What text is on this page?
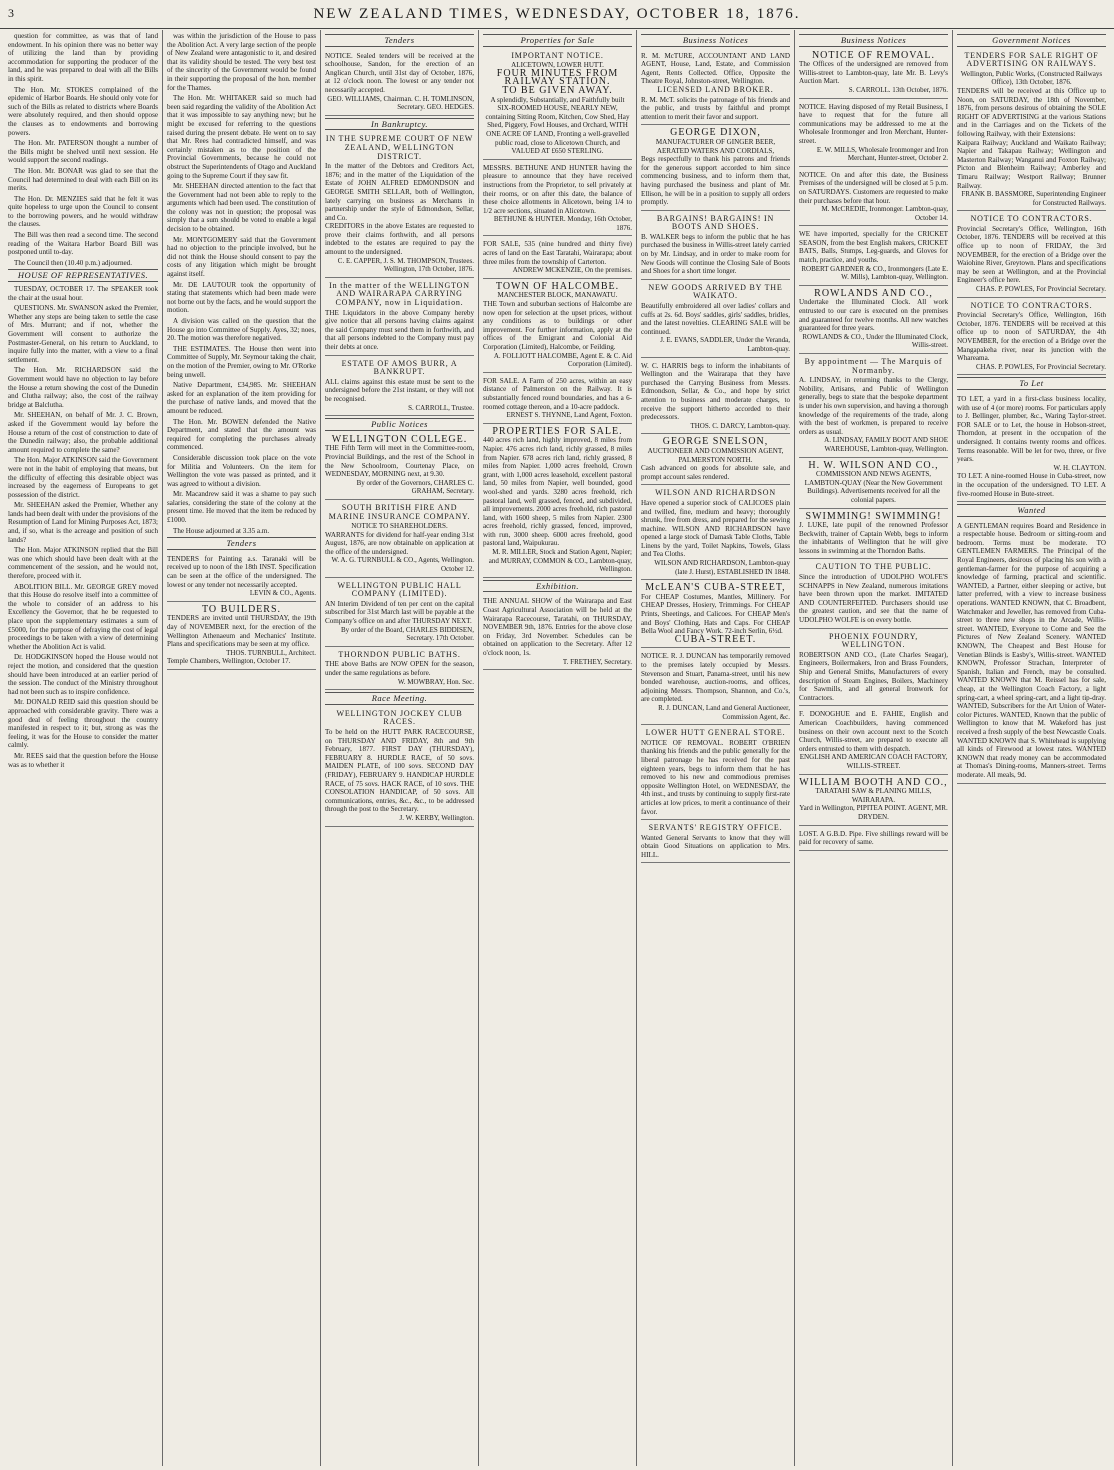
3	NEW ZEALAND TIMES, WEDNESDAY, OCTOBER 18, 1876.

question for committee, as was that of land endowment. In his opinion there was no better way of utilizing the land than by providing accommodation for supporting the producer of the land, and he was prepared to deal with all the Bills in this spirit.

The Hon. Mr. STOKES complained of the epidemic of Harbor Boards. He should only vote for such of the Bills as related to districts where Boards were absolutely required, and then should oppose the clauses as to endowments and borrowing powers.

The Hon. Mr. PATERSON thought a number of the Bills might be shelved until next session. He would support the second readings.

The Hon. Mr. BONAR was glad to see that the Council had determined to deal with each Bill on its merits.

The Hon. Dr. MENZIES said that he felt it was quite hopeless to urge upon the Council to consent to the borrowing powers, and he would withdraw the clauses.

The Bill was then read a second time. The second reading of the Waitara Harbor Board Bill was postponed until to-day.

The Council then (10.40 p.m.) adjourned.

HOUSE OF REPRESENTATIVES.

TUESDAY, OCTOBER 17. The SPEAKER took the chair at the usual hour.

QUESTIONS. Mr. SWANSON asked the Premier, Whether any steps are being taken to settle the case of Mrs. Murrant; and if not, whether the Government will consent to authorize the Postmaster-General, on his return to Auckland, to inquire fully into the matter, with a view to a final settlement.

The Hon. Mr. RICHARDSON said the Government would have no objection to lay before the House a return showing the cost of the Dunedin and Clutha railway; also, the cost of the railway bridge at Balclutha.

Mr. SHEEHAN, on behalf of Mr. J. C. Brown, asked if the Government would lay before the House a return of the cost of construction to date of the Dunedin railway; also, the probable additional amount required to complete the same?

The Hon. Major ATKINSON said the Government were not in the habit of employing that means, but the difficulty of effecting this desirable object was increased by the eagerness of Europeans to get possession of the district.

Mr. SHEEHAN asked the Premier, Whether any lands had been dealt with under the provisions of the Resumption of Land for Mining Purposes Act, 1873; and, if so, what is the acreage and position of such lands?

The Hon. Major ATKINSON replied that the Bill was one which should have been dealt with at the commencement of the session, and he would not, therefore, proceed with it.

ABOLITION BILL. Mr. GEORGE GREY moved that this House do resolve itself into a committee of the whole to consider of an address to his Excellency the Governor, that he be requested to place upon the supplementary estimates a sum of £5000, for the purpose of defraying the cost of legal proceedings to be taken with a view of determining whether the Abolition Act is valid.

Dr. HODGKINSON hoped the House would not reject the motion, and considered that the question should have been introduced at an earlier period of the session. The conduct of the Ministry throughout had not been such as to inspire confidence.

Mr. DONALD REID said this question should be approached with considerable gravity. There was a good deal of feeling throughout the country manifested in respect to it; but, strong as was the feeling, it was for the House to consider the matter calmly.

Mr. REES said that the question before the House was as to whether it

was within the jurisdiction of the House to pass the Abolition Act. A very large section of the people of New Zealand were antagonistic to it, and desired that its validity should be tested. The very best test of the sincerity of the Government would be found in their supporting the proposal of the hon. member for the Thames.

The Hon. Mr. WHITAKER said so much had been said regarding the validity of the Abolition Act that it was impossible to say anything new; but he might be excused for referring to the questions raised during the present debate. He went on to say that Mr. Rees had contradicted himself, and was certainly mistaken as to the position of the Provincial Governments, because he could not obstruct the Superintendents of Otago and Auckland going to the Supreme Court if they saw fit.

Mr. SHEEHAN directed attention to the fact that the Government had not been able to reply to the arguments which had been used. The constitution of the colony was not in question; the proposal was simply that a sum should be voted to enable a legal decision to be obtained.

Mr. MONTGOMERY said that the Government had no objection to the principle involved, but he did not think the House should consent to pay the costs of any litigation which might be brought against itself.

Mr. DE LAUTOUR took the opportunity of stating that statements which had been made were not borne out by the facts, and he would support the motion.

A division was called on the question that the House go into Committee of Supply. Ayes, 32; noes, 20. The motion was therefore negatived.

THE ESTIMATES. The House then went into Committee of Supply, Mr. Seymour taking the chair, on the motion of the Premier, owing to Mr. O'Rorke being unwell.

Native Department, £34,985. Mr. SHEEHAN asked for an explanation of the item providing for the purchase of native lands, and moved that the amount be reduced.

The Hon. Mr. BOWEN defended the Native Department, and stated that the amount was required for completing the purchases already commenced.

Considerable discussion took place on the vote for Militia and Volunteers. On the item for Wellington the vote was passed as printed, and it was agreed to without a division.

Mr. Macandrew said it was a shame to pay such salaries, considering the state of the colony at the present time. He moved that the item be reduced by £1000.

The House adjourned at 3.35 a.m.

Tenders
TENDERS for Painting a.s. Taranaki will be received up to noon of the 18th INST. Specification can be seen at the office of the undersigned. The lowest or any tender not necessarily accepted.
LEVIN & CO., Agents.
TO BUILDERS.
TENDERS are invited until THURSDAY, the 19th day of NOVEMBER next, for the erection of the Wellington Athenaeum and Mechanics' Institute. Plans and specifications may be seen at my office.
THOS. TURNBULL, Architect.
Temple Chambers, Wellington, October 17.
Tenders
NOTICE. Sealed tenders will be received at the schoolhouse, Sandon, for the erection of an Anglican Church, until 31st day of October, 1876, at 12 o'clock noon. The lowest or any tender not necessarily accepted.
GEO. WILLIAMS, Chairman. C. H. TOMLINSON, Secretary. GEO. HEDGES.
In Bankruptcy.
IN THE SUPREME COURT OF NEW ZEALAND, WELLINGTON DISTRICT.
In the matter of the Debtors and Creditors Act, 1876; and in the matter of the Liquidation of the Estate of JOHN ALFRED EDMONDSON and GEORGE SMITH SELLAR, both of Wellington, lately carrying on business as Merchants in partnership under the style of Edmondson, Sellar, and Co.
CREDITORS in the above Estates are requested to prove their claims forthwith, and all persons indebted to the estates are required to pay the amount to the undersigned.
C. E. CAPPER, J. S. M. THOMPSON, Trustees. Wellington, 17th October, 1876.
In the matter of the WELLINGTON AND WAIRARAPA CARRYING COMPANY, now in Liquidation.
THE Liquidators in the above Company hereby give notice that all persons having claims against the said Company must send them in forthwith, and that all persons indebted to the Company must pay their debts at once.
ESTATE OF AMOS BURR, A BANKRUPT.
ALL claims against this estate must be sent to the undersigned before the 21st instant, or they will not be recognised.
S. CARROLL, Trustee.
Public Notices
WELLINGTON COLLEGE.
THE Fifth Term will meet in the Committee-room, Provincial Buildings, and the rest of the School in the New Schoolroom, Courtenay Place, on WEDNESDAY, MORNING next, at 9.30.
By order of the Governors, CHARLES C. GRAHAM, Secretary.
SOUTH BRITISH FIRE AND MARINE INSURANCE COMPANY.
NOTICE TO SHAREHOLDERS.
WARRANTS for dividend for half-year ending 31st August, 1876, are now obtainable on application at the office of the undersigned.
W. A. G. TURNBULL & CO., Agents, Wellington. October 12.
WELLINGTON PUBLIC HALL COMPANY (LIMITED).
AN Interim Dividend of ten per cent on the capital subscribed for 31st March last will be payable at the Company's office on and after THURSDAY NEXT.
By order of the Board, CHARLES BIDDISEN, Secretary. 17th October.
THORNDON PUBLIC BATHS.
THE above Baths are NOW OPEN for the season, under the same regulations as before.
W. MOWBRAY, Hon. Sec.
Race Meeting.
WELLINGTON JOCKEY CLUB RACES.
To be held on the HUTT PARK RACECOURSE, on THURSDAY AND FRIDAY, 8th and 9th February, 1877. FIRST DAY (THURSDAY), FEBRUARY 8. HURDLE RACE, of 50 sovs. MAIDEN PLATE, of 100 sovs. SECOND DAY (FRIDAY), FEBRUARY 9. HANDICAP HURDLE RACE, of 75 sovs. HACK RACE, of 10 sovs. THE CONSOLATION HANDICAP, of 50 sovs. All communications, entries, &c., &c., to be addressed through the post to the Secretary.
J. W. KERBY, Wellington.
Properties for Sale
IMPORTANT NOTICE.
ALICETOWN, LOWER HUTT.
FOUR MINUTES FROM RAILWAY STATION.
TO BE GIVEN AWAY.
A splendidly, Substantially, and Faithfully built SIX-ROOMED HOUSE, NEARLY NEW, containing Sitting Room, Kitchen, Cow Shed, Hay Shed, Piggery, Fowl Houses, and Orchard, WITH ONE ACRE OF LAND, Fronting a well-gravelled public road, close to Alicetown Church, and VALUED AT £650 STERLING.
MESSRS. BETHUNE AND HUNTER having the pleasure to announce that they have received instructions from the Proprietor, to sell privately at their rooms, or on after this date, the balance of these choice allotments in Alicetown, being 1/4 to 1/2 acre sections, situated in Alicetown.
BETHUNE & HUNTER. Monday, 16th October, 1876.
FOR SALE, 535 (nine hundred and thirty five) acres of land on the East Taratahi, Wairarapa; about three miles from the township of Carterton.
ANDREW MCKENZIE, On the premises.
TOWN OF HALCOMBE.
MANCHESTER BLOCK, MANAWATU.
THE Town and suburban sections of Halcombe are now open for selection at the upset prices, without any conditions as to buildings or other improvement. For further information, apply at the offices of the Emigrant and Colonial Aid Corporation (Limited), Halcombe, or Feilding.
A. FOLLIOTT HALCOMBE, Agent E. & C. Aid Corporation (Limited).
FOR SALE. A Farm of 250 acres, within an easy distance of Palmerston on the Railway. It is substantially fenced round boundaries, and has a 6-roomed cottage thereon, and a 10-acre paddock.
ERNEST S. THYNNE, Land Agent, Foxton.
PROPERTIES FOR SALE.
440 acres rich land, highly improved, 8 miles from Napier. 476 acres rich land, richly grassed, 8 miles from Napier. 678 acres rich land, richly grassed, 8 miles from Napier. 1,000 acres freehold, Crown grant, with 1,000 acres leasehold, excellent pastoral land, 50 miles from Napier, well bounded, good wool-shed and yards. 3280 acres freehold, rich pastoral land, well grassed, fenced, and subdivided, all improvements. 2000 acres freehold, rich pastoral land, with 1600 sheep, 5 miles from Napier. 2300 acres freehold, richly grassed, fenced, improved, with run, 3000 sheep. 6000 acres freehold, good pastoral land, Waipukurau.
M. R. MILLER, Stock and Station Agent, Napier; and MURRAY, COMMON & CO., Lambton-quay, Wellington.
Exhibition.
THE ANNUAL SHOW of the Wairarapa and East Coast Agricultural Association will be held at the Wairarapa Racecourse, Taratahi, on THURSDAY, NOVEMBER 9th, 1876. Entries for the above close on Friday, 3rd November. Schedules can be obtained on application to the Secretary. After 12 o'clock noon, 1s.
T. FRETHEY, Secretary.
Business Notices
R. M. McTURE, ACCOUNTANT AND LAND AGENT, House, Land, Estate, and Commission Agent, Rents Collected. Office, Opposite the Theatre Royal, Johnston-street, Wellington.
LICENSED LAND BROKER.
R. M. McT. solicits the patronage of his friends and the public, and trusts by faithful and prompt attention to merit their favor and support.
GEORGE DIXON,
MANUFACTURER OF GINGER BEER, AERATED WATERS AND CORDIALS,
Begs respectfully to thank his patrons and friends for the generous support accorded to him since commencing business, and to inform them that, having purchased the business and plant of Mr. Ellison, he will be in a position to supply all orders promptly.
BARGAINS! BARGAINS! IN BOOTS AND SHOES.
B. WALKER begs to inform the public that he has purchased the business in Willis-street lately carried on by Mr. Lindsay, and in order to make room for New Goods will continue the Closing Sale of Boots and Shoes for a short time longer.
NEW GOODS ARRIVED BY THE WAIKATO.
Beautifully embroidered all over ladies' collars and cuffs at 2s. 6d. Boys' saddles, girls' saddles, bridles, and the latest novelties. CLEARING SALE will be continued.
J. E. EVANS, SADDLER, Under the Veranda, Lambton-quay.
W. C. HARRIS begs to inform the inhabitants of Wellington and the Wairarapa that they have purchased the Carrying Business from Messrs. Edmondson, Sellar, & Co., and hope by strict attention to business and moderate charges, to receive the support hitherto accorded to their predecessors.
THOS. C. DARCY, Lambton-quay.
GEORGE SNELSON,
AUCTIONEER AND COMMISSION AGENT, PALMERSTON NORTH.
Cash advanced on goods for absolute sale, and prompt account sales rendered.
WILSON AND RICHARDSON
Have opened a superior stock of CALICOES plain and twilled, fine, medium and heavy; thoroughly shrunk, free from dress, and prepared for the sewing machine. WILSON AND RICHARDSON have opened a large stock of Damask Table Cloths, Table Linens by the yard, Toilet Napkins, Towels, Glass and Tea Cloths.
WILSON AND RICHARDSON, Lambton-quay (late J. Hurst), ESTABLISHED IN 1848.
McLEAN'S CUBA-STREET,
For CHEAP Costumes, Mantles, Millinery. For CHEAP Dresses, Hosiery, Trimmings. For CHEAP Prints, Sheetings, and Calicoes. For CHEAP Men's and Boys' Clothing, Hats and Caps. For CHEAP Bella Wool and Fancy Work. 72-inch Serlin, 6½d.
CUBA-STREET.
NOTICE. R. J. DUNCAN has temporarily removed to the premises lately occupied by Messrs. Stevenson and Stuart, Panama-street, until his new bonded warehouse, auction-rooms, and offices, adjoining Messrs. Thompson, Shannon, and Co.'s, are completed.
R. J. DUNCAN, Land and General Auctioneer, Commission Agent, &c.
LOWER HUTT GENERAL STORE.
NOTICE OF REMOVAL. ROBERT O'BRIEN thanking his friends and the public generally for the liberal patronage he has received for the past eighteen years, begs to inform them that he has removed to his new and commodious premises opposite Wellington Hotel, on WEDNESDAY, the 4th inst., and trusts by continuing to supply first-rate articles at low prices, to merit a continuance of their favor.
SERVANTS' REGISTRY OFFICE.
Wanted General Servants to know that they will obtain Good Situations on application to Mrs. HILL.
Business Notices
NOTICE OF REMOVAL.
The Offices of the undersigned are removed from Willis-street to Lambton-quay, late Mr. B. Levy's Auction Mart.
S. CARROLL. 13th October, 1876.
NOTICE. Having disposed of my Retail Business, I have to request that for the future all communications may be addressed to me at the Wholesale Ironmonger and Iron Merchant, Hunter-street.
E. W. MILLS, Wholesale Ironmonger and Iron Merchant, Hunter-street, October 2.
NOTICE. On and after this date, the Business Premises of the undersigned will be closed at 5 p.m. on SATURDAYS. Customers are requested to make their purchases before that hour.
M. McCREDIE, Ironmonger. Lambton-quay, October 14.
WE have imported, specially for the CRICKET SEASON, from the best English makers, CRICKET BATS, Balls, Stumps, Leg-guards, and Gloves for match, practice, and youths.
ROBERT GARDNER & CO., Ironmongers (Late E. W. Mills), Lambton-quay, Wellington.
ROWLANDS AND CO.,
Undertake the Illuminated Clock. All work entrusted to our care is executed on the premises and guaranteed for twelve months. All new watches guaranteed for three years.
ROWLANDS & CO., Under the Illuminated Clock, Willis-street.
By appointment — The Marquis of Normanby.
A. LINDSAY, in returning thanks to the Clergy, Nobility, Artisans, and Public of Wellington generally, begs to state that the bespoke department is under his own supervision, and having a thorough knowledge of the requirements of the trade, along with the best of workmen, is prepared to receive orders as usual.
A. LINDSAY, FAMILY BOOT AND SHOE WAREHOUSE, Lambton-quay, Wellington.
H. W. WILSON AND CO.,
COMMISSION AND NEWS AGENTS, LAMBTON-QUAY (Near the New Government Buildings). Advertisements received for all the colonial papers.
SWIMMING! SWIMMING!
J. LUKE, late pupil of the renowned Professor Beckwith, trainer of Captain Webb, begs to inform the inhabitants of Wellington that he will give lessons in swimming at the Thorndon Baths.
CAUTION TO THE PUBLIC.
Since the introduction of UDOLPHO WOLFE'S SCHNAPPS in New Zealand, numerous imitations have been thrown upon the market. IMITATED AND COUNTERFEITED. Purchasers should use the greatest caution, and see that the name of UDOLPHO WOLFE is on every bottle.
PHOENIX FOUNDRY, WELLINGTON.
ROBERTSON AND CO., (Late Charles Seagar), Engineers, Boilermakers, Iron and Brass Founders, Ship and General Smiths, Manufacturers of every description of Steam Engines, Boilers, Machinery for Sawmills, and all general Ironwork for Contractors.
F. DONOGHUE and E. FAHIE, English and American Coachbuilders, having commenced business on their own account next to the Scotch Church, Willis-street, are prepared to execute all orders entrusted to them with despatch.
ENGLISH AND AMERICAN COACH FACTORY, WILLIS-STREET.
WILLIAM BOOTH AND CO.,
TARATAHI SAW & PLANING MILLS, WAIRARAPA.
Yard in Wellington, PIPITEA POINT. AGENT, MR. DRYDEN.
LOST. A G.B.D. Pipe. Five shillings reward will be paid for recovery of same.
Government Notices
TENDERS FOR SALE RIGHT OF ADVERTISING ON RAILWAYS.
Wellington, Public Works, (Constructed Railways Office), 13th October, 1876.
TENDERS will be received at this Office up to Noon, on SATURDAY, the 18th of November, 1876, from persons desirous of obtaining the SOLE RIGHT OF ADVERTISING at the various Stations and in the Carriages and on the Tickets of the following Railway, with their Extensions:
Kaipara Railway; Auckland and Waikato Railway; Napier and Takapau Railway; Wellington and Masterton Railway; Wanganui and Foxton Railway; Picton and Blenheim Railway; Amberley and Timaru Railway; Westport Railway; Brunner Railway.
FRANK B. BASSMORE, Superintending Engineer for Constructed Railways.
NOTICE TO CONTRACTORS.
Provincial Secretary's Office, Wellington, 16th October, 1876. TENDERS will be received at this office up to noon of FRIDAY, the 3rd NOVEMBER, for the erection of a Bridge over the Waiohine River, Greytown. Plans and specifications may be seen at Wellington, and at the Provincial Engineer's office here.
CHAS. P. POWLES, For Provincial Secretary.
NOTICE TO CONTRACTORS.
Provincial Secretary's Office, Wellington, 16th October, 1876. TENDERS will be received at this office up to noon of SATURDAY, the 4th NOVEMBER, for the erection of a Bridge over the Mangapakeha river, near its junction with the Whareama.
CHAS. P. POWLES, For Provincial Secretary.
To Let
TO LET, a yard in a first-class business locality, with use of 4 (or more) rooms. For particulars apply to J. Bellinger, plumber, &c., Waring Taylor-street. FOR SALE or to Let, the house in Hobson-street, Thorndon, at present in the occupation of the undersigned. It contains twenty rooms and offices. Terms reasonable. Will be let for two, three, or five years.
W. H. CLAYTON.
TO LET. A nine-roomed House in Cuba-street, now in the occupation of the undersigned. TO LET. A five-roomed House in Bute-street.
Wanted
A GENTLEMAN requires Board and Residence in a respectable house. Bedroom or sitting-room and bedroom. Terms must be moderate. TO GENTLEMEN FARMERS. The Principal of the Royal Engineers, desirous of placing his son with a gentleman-farmer for the purpose of acquiring a knowledge of farming, practical and scientific. WANTED, a Partner, either sleeping or active, but latter preferred, with a view to increase business operations. WANTED KNOWN, that C. Broadbent, Watchmaker and Jeweller, has removed from Cuba-street to three new shops in the Arcade, Willis-street. WANTED, Everyone to Come and See the Pictures of New Zealand Scenery. WANTED KNOWN, The Cheapest and Best House for Venetian Blinds is Easby's, Willis-street. WANTED KNOWN, Professor Strachan, Interpreter of Spanish, Italian and French, may be consulted. WANTED KNOWN that M. Reissel has for sale, cheap, at the Wellington Coach Factory, a light spring-cart, a wheel spring-cart, and a light tip-dray. WANTED, Subscribers for the Art Union of Water-color Pictures. WANTED, Known that the public of Wellington to know that M. Wakeford has just received a fresh supply of the best Newcastle Coals. WANTED KNOWN that S. Whitehead is supplying all kinds of Firewood at lowest rates. WANTED KNOWN that ready money can be accommodated at Thomas's Dining-rooms, Manners-street. Terms moderate. All meals, 9d.
